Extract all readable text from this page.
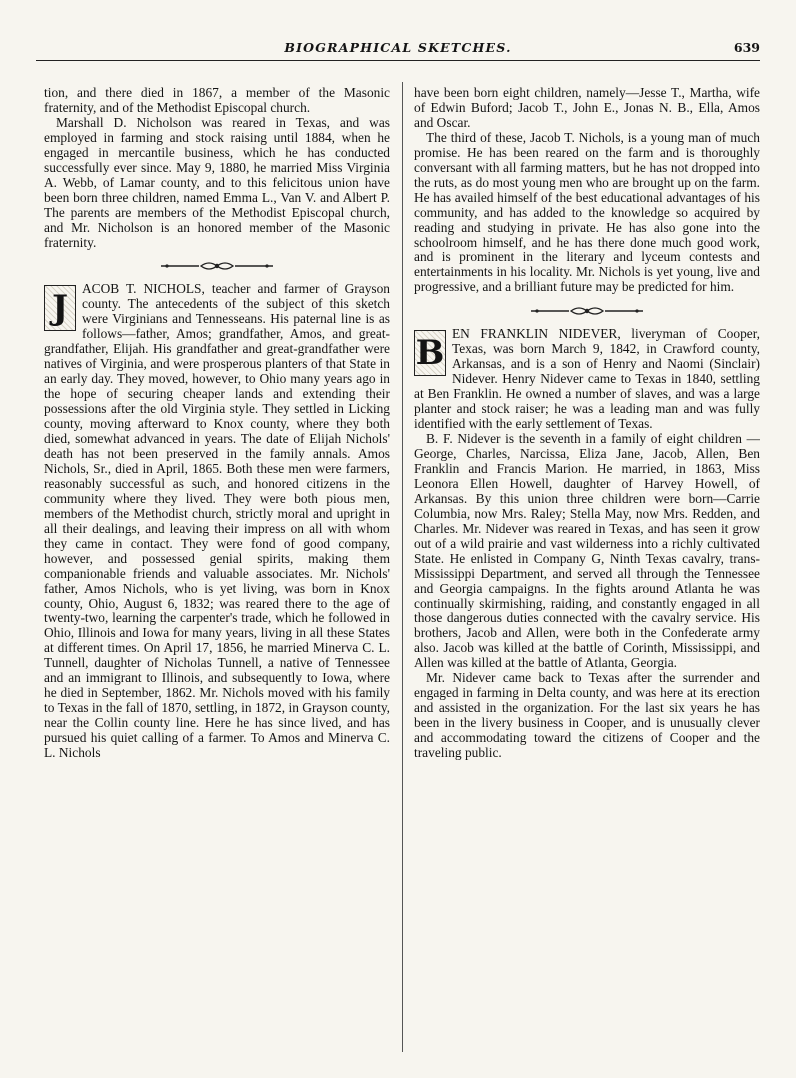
BIOGRAPHICAL SKETCHES.	639

tion, and there died in 1867, a member of the Masonic fraternity, and of the Methodist Episcopal church.

Marshall D. Nicholson was reared in Texas, and was employed in farming and stock raising until 1884, when he engaged in mercantile business, which he has conducted successfully ever since. May 9, 1880, he married Miss Virginia A. Webb, of Lamar county, and to this felicitous union have been born three children, named Emma L., Van V. and Albert P. The parents are members of the Methodist Episcopal church, and Mr. Nicholson is an honored member of the Masonic fraternity.

J	ACOB T. NICHOLS, teacher and farmer of Grayson county. The antecedents of the subject of this sketch were Virginians and Tennesseans. His paternal line is as follows—father, Amos; grandfather, Amos, and great-grandfather, Elijah. His grandfather and great-grandfather were natives of Virginia, and were prosperous planters of that State in an early day. They moved, however, to Ohio many years ago in the hope of securing cheaper lands and extending their possessions after the old Virginia style. They settled in Licking county, moving afterward to Knox county, where they both died, somewhat advanced in years. The date of Elijah Nichols' death has not been preserved in the family annals. Amos Nichols, Sr., died in April, 1865. Both these men were farmers, reasonably successful as such, and honored citizens in the community where they lived. They were both pious men, members of the Methodist church, strictly moral and upright in all their dealings, and leaving their impress on all with whom they came in contact. They were fond of good company, however, and possessed genial spirits, making them companionable friends and valuable associates. Mr. Nichols' father, Amos Nichols, who is yet living, was born in Knox county, Ohio, August 6, 1832; was reared there to the age of twenty-two, learning the carpenter's trade, which he followed in Ohio, Illinois and Iowa for many years, living in all these States at different times. On April 17, 1856, he married Minerva C. L. Tunnell, daughter of Nicholas Tunnell, a native of Tennessee and an immigrant to Illinois, and subsequently to Iowa, where he died in September, 1862. Mr. Nichols moved with his family to Texas in the fall of 1870, settling, in 1872, in Grayson county, near the Collin county line. Here he has since lived, and has pursued his quiet calling of a farmer. To Amos and Minerva C. L. Nichols

have been born eight children, namely—Jesse T., Martha, wife of Edwin Buford; Jacob T., John E., Jonas N. B., Ella, Amos and Oscar.

The third of these, Jacob T. Nichols, is a young man of much promise. He has been reared on the farm and is thoroughly conversant with all farming matters, but he has not dropped into the ruts, as do most young men who are brought up on the farm. He has availed himself of the best educational advantages of his community, and has added to the knowledge so acquired by reading and studying in private. He has also gone into the schoolroom himself, and he has there done much good work, and is prominent in the literary and lyceum contests and entertainments in his locality. Mr. Nichols is yet young, live and progressive, and a brilliant future may be predicted for him.

B EN FRANKLIN NIDEVER, liveryman of Cooper, Texas, was born March 9, 1842, in Crawford county, Arkansas, and is a son of Henry and Naomi (Sinclair) Nidever. Henry Nidever came to Texas in 1840, settling at Ben Franklin. He owned a number of slaves, and was a large planter and stock raiser; he was a leading man and was fully identified with the early settlement of Texas.

B. F. Nidever is the seventh in a family of eight children — George, Charles, Narcissa, Eliza Jane, Jacob, Allen, Ben Franklin and Francis Marion. He married, in 1863, Miss Leonora Ellen Howell, daughter of Harvey Howell, of Arkansas. By this union three children were born—Carrie Columbia, now Mrs. Raley; Stella May, now Mrs. Redden, and Charles. Mr. Nidever was reared in Texas, and has seen it grow out of a wild prairie and vast wilderness into a richly cultivated State. He enlisted in Company G, Ninth Texas cavalry, trans-Mississippi Department, and served all through the Tennessee and Georgia campaigns. In the fights around Atlanta he was continually skirmishing, raiding, and constantly engaged in all those dangerous duties connected with the cavalry service. His brothers, Jacob and Allen, were both in the Confederate army also. Jacob was killed at the battle of Corinth, Mississippi, and Allen was killed at the battle of Atlanta, Georgia.

Mr. Nidever came back to Texas after the surrender and engaged in farming in Delta county, and was here at its erection and assisted in the organization. For the last six years he has been in the livery business in Cooper, and is unusually clever and accommodating toward the citizens of Cooper and the traveling public.
